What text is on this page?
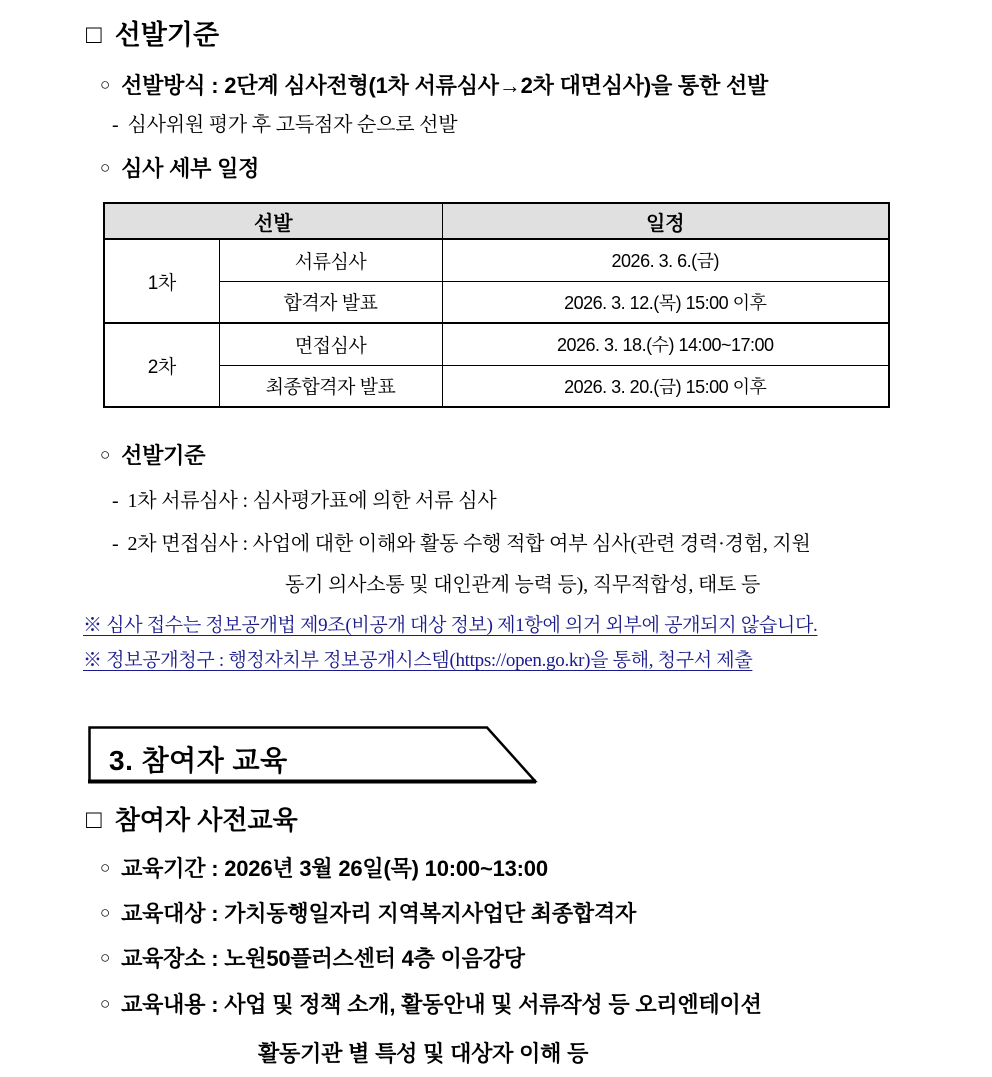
□ 선발기준
○ 선발방식 : 2단계 심사전형(1차 서류심사→2차 대면심사)을 통한 선발
- 심사위원 평가 후 고득점자 순으로 선발
○ 심사 세부 일정
선발		일정
1차	서류심사	2026. 3. 6.(금)
	합격자 발표	2026. 3. 12.(목) 15:00 이후
2차	면접심사	2026. 3. 18.(수) 14:00~17:00
	최종합격자 발표	2026. 3. 20.(금) 15:00 이후
○ 선발기준
- 1차 서류심사 : 심사평가표에 의한 서류 심사
- 2차 면접심사 : 사업에 대한 이해와 활동 수행 적합 여부 심사(관련 경력·경험, 지원
동기 의사소통 및 대인관계 능력 등), 직무적합성, 태토 등
※ 심사 접수는 정보공개법 제9조(비공개 대상 정보) 제1항에 의거 외부에 공개되지 않습니다.
※ 정보공개청구 : 행정자치부 정보공개시스템(https://open.go.kr)을 통해, 청구서 제출
3. 참여자 교육
□ 참여자 사전교육
○ 교육기간 : 2026년 3월 26일(목) 10:00~13:00
○ 교육대상 : 가치동행일자리 지역복지사업단 최종합격자
○ 교육장소 : 노원50플러스센터 4층 이음강당
○ 교육내용 : 사업 및 정책 소개, 활동안내 및 서류작성 등 오리엔테이션
활동기관 별 특성 및 대상자 이해 등
